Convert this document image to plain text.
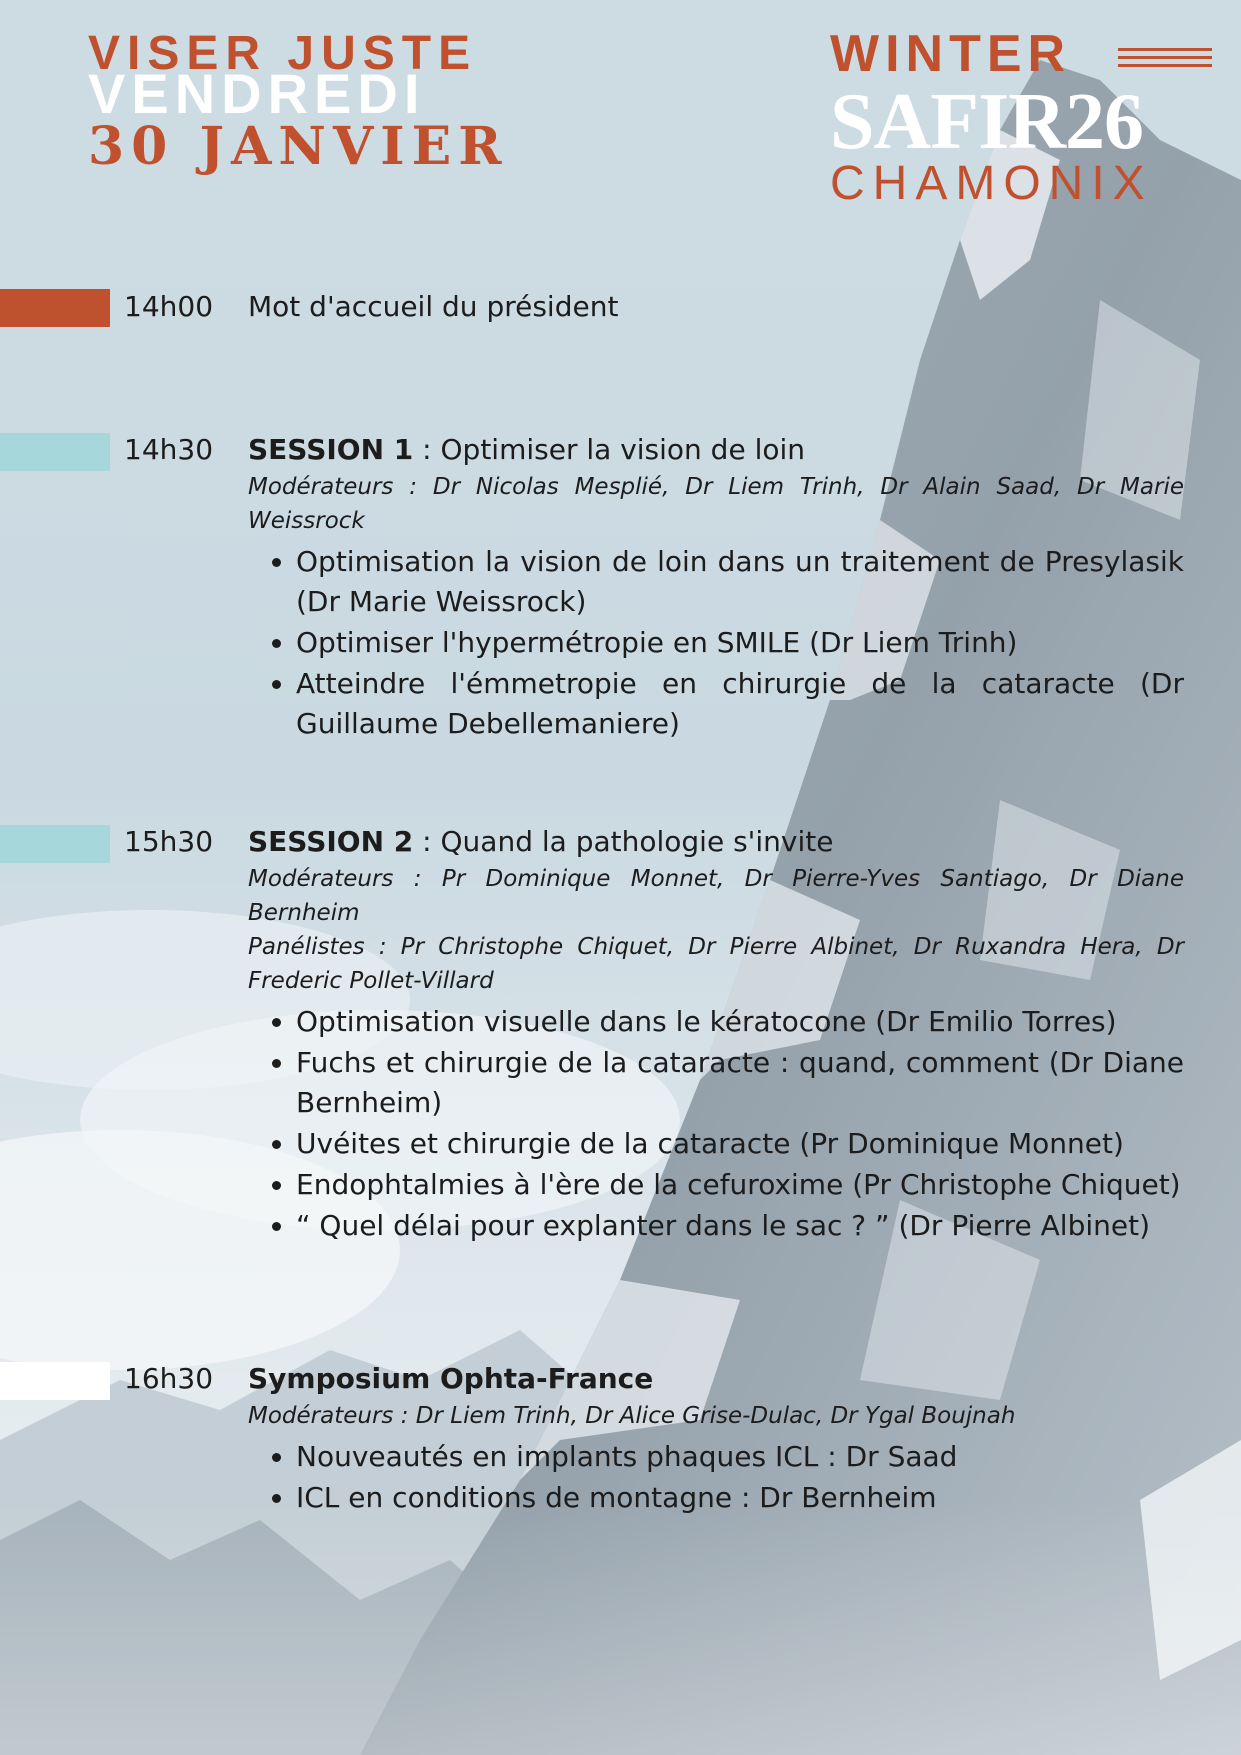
VISER JUSTE
VENDREDI
30 JANVIER
WINTER
SAFIR26
CHAMONIX
14h00 Mot d'accueil du président
14h30 SESSION 1 : Optimiser la vision de loin
Modérateurs : Dr Nicolas Mesplié, Dr Liem Trinh, Dr Alain Saad, Dr Marie Weissrock
• Optimisation la vision de loin dans un traitement de Presylasik (Dr Marie Weissrock)
• Optimiser l'hypermétropie en SMILE (Dr Liem Trinh)
• Atteindre l'émmetropie en chirurgie de la cataracte (Dr Guillaume Debellemaniere)
15h30 SESSION 2 : Quand la pathologie s'invite
Modérateurs : Pr Dominique Monnet, Dr Pierre-Yves Santiago, Dr Diane Bernheim
Panélistes : Pr Christophe Chiquet, Dr Pierre Albinet, Dr Ruxandra Hera, Dr Frederic Pollet-Villard
• Optimisation visuelle dans le kératocone (Dr Emilio Torres)
• Fuchs et chirurgie de la cataracte : quand, comment (Dr Diane Bernheim)
• Uvéites et chirurgie de la cataracte (Pr Dominique Monnet)
• Endophtalmies à l'ère de la cefuroxime (Pr Christophe Chiquet)
• “ Quel délai pour explanter dans le sac ? ” (Dr Pierre Albinet)
16h30 Symposium Ophta-France
Modérateurs : Dr Liem Trinh, Dr Alice Grise-Dulac, Dr Ygal Boujnah
• Nouveautés en implants phaques ICL : Dr Saad
• ICL en conditions de montagne : Dr Bernheim
